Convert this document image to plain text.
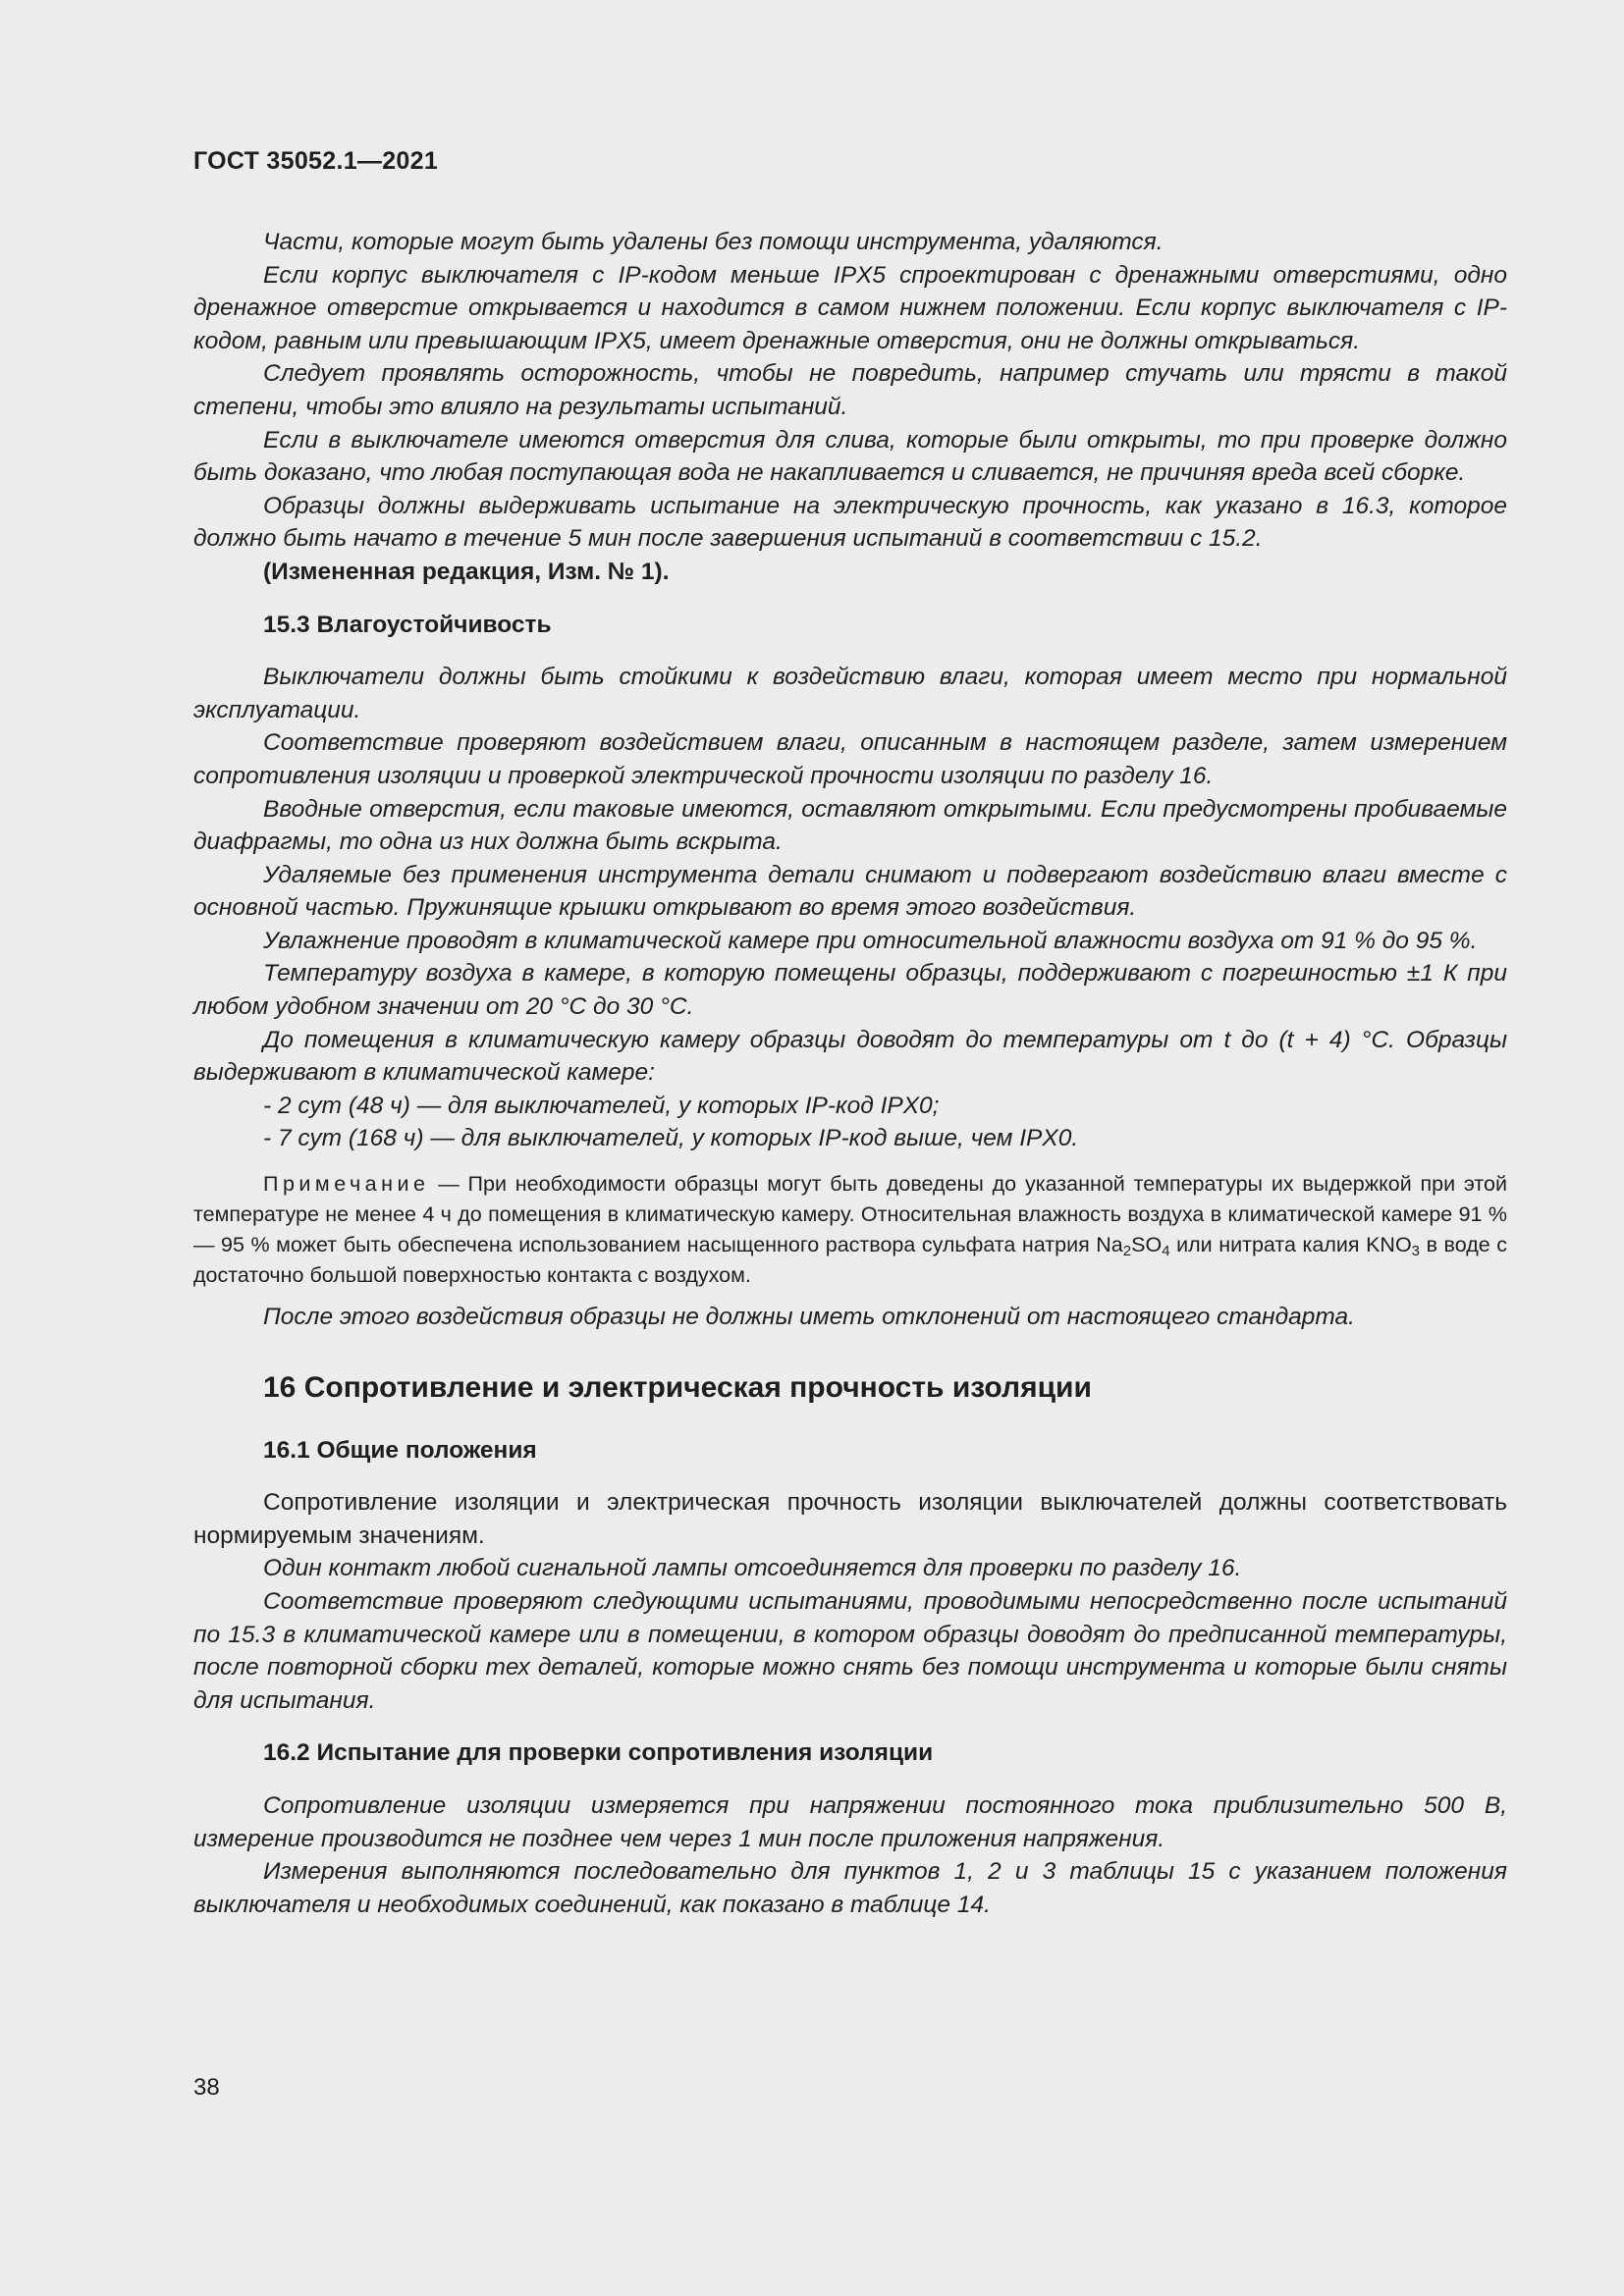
ГОСТ 35052.1—2021

Части, которые могут быть удалены без помощи инструмента, удаляются.

Если корпус выключателя с IP-кодом меньше IPX5 спроектирован с дренажными отверстиями, одно дренажное отверстие открывается и находится в самом нижнем положении. Если корпус выключателя с IP-кодом, равным или превышающим IPX5, имеет дренажные отверстия, они не должны открываться.

Следует проявлять осторожность, чтобы не повредить, например стучать или трясти в такой степени, чтобы это влияло на результаты испытаний.

Если в выключателе имеются отверстия для слива, которые были открыты, то при проверке должно быть доказано, что любая поступающая вода не накапливается и сливается, не причиняя вреда всей сборке.

Образцы должны выдерживать испытание на электрическую прочность, как указано в 16.3, которое должно быть начато в течение 5 мин после завершения испытаний в соответствии с 15.2.

(Измененная редакция, Изм. № 1).

15.3 Влагоустойчивость

Выключатели должны быть стойкими к воздействию влаги, которая имеет место при нормальной эксплуатации.

Соответствие проверяют воздействием влаги, описанным в настоящем разделе, затем измерением сопротивления изоляции и проверкой электрической прочности изоляции по разделу 16.

Вводные отверстия, если таковые имеются, оставляют открытыми. Если предусмотрены пробиваемые диафрагмы, то одна из них должна быть вскрыта.

Удаляемые без применения инструмента детали снимают и подвергают воздействию влаги вместе с основной частью. Пружинящие крышки открывают во время этого воздействия.

Увлажнение проводят в климатической камере при относительной влажности воздуха от 91 % до 95 %.

Температуру воздуха в камере, в которую помещены образцы, поддерживают с погрешностью ±1 К при любом удобном значении от 20 °С до 30 °С.

До помещения в климатическую камеру образцы доводят до температуры от t до (t + 4) °С. Образцы выдерживают в климатической камере:

- 2 сут (48 ч) — для выключателей, у которых IP-код IPX0;
- 7 сут (168 ч) — для выключателей, у которых IP-код выше, чем IPX0.
Примечание — При необходимости образцы могут быть доведены до указанной температуры их выдержкой при этой температуре не менее 4 ч до помещения в климатическую камеру. Относительная влажность воздуха в климатической камере 91 % — 95 % может быть обеспечена использованием насыщенного раствора сульфата натрия $Na_2SO_4$ или нитрата калия $KNO_3$ в воде с достаточно большой поверхностью контакта с воздухом.

После этого воздействия образцы не должны иметь отклонений от настоящего стандарта.

16 Сопротивление и электрическая прочность изоляции
16.1 Общие положения

Сопротивление изоляции и электрическая прочность изоляции выключателей должны соответствовать нормируемым значениям.

Один контакт любой сигнальной лампы отсоединяется для проверки по разделу 16.

Соответствие проверяют следующими испытаниями, проводимыми непосредственно после испытаний по 15.3 в климатической камере или в помещении, в котором образцы доводят до предписанной температуры, после повторной сборки тех деталей, которые можно снять без помощи инструмента и которые были сняты для испытания.

16.2 Испытание для проверки сопротивления изоляции

Сопротивление изоляции измеряется при напряжении постоянного тока приблизительно 500 В, измерение производится не позднее чем через 1 мин после приложения напряжения.

Измерения выполняются последовательно для пунктов 1, 2 и 3 таблицы 15 с указанием положения выключателя и необходимых соединений, как показано в таблице 14.

38
